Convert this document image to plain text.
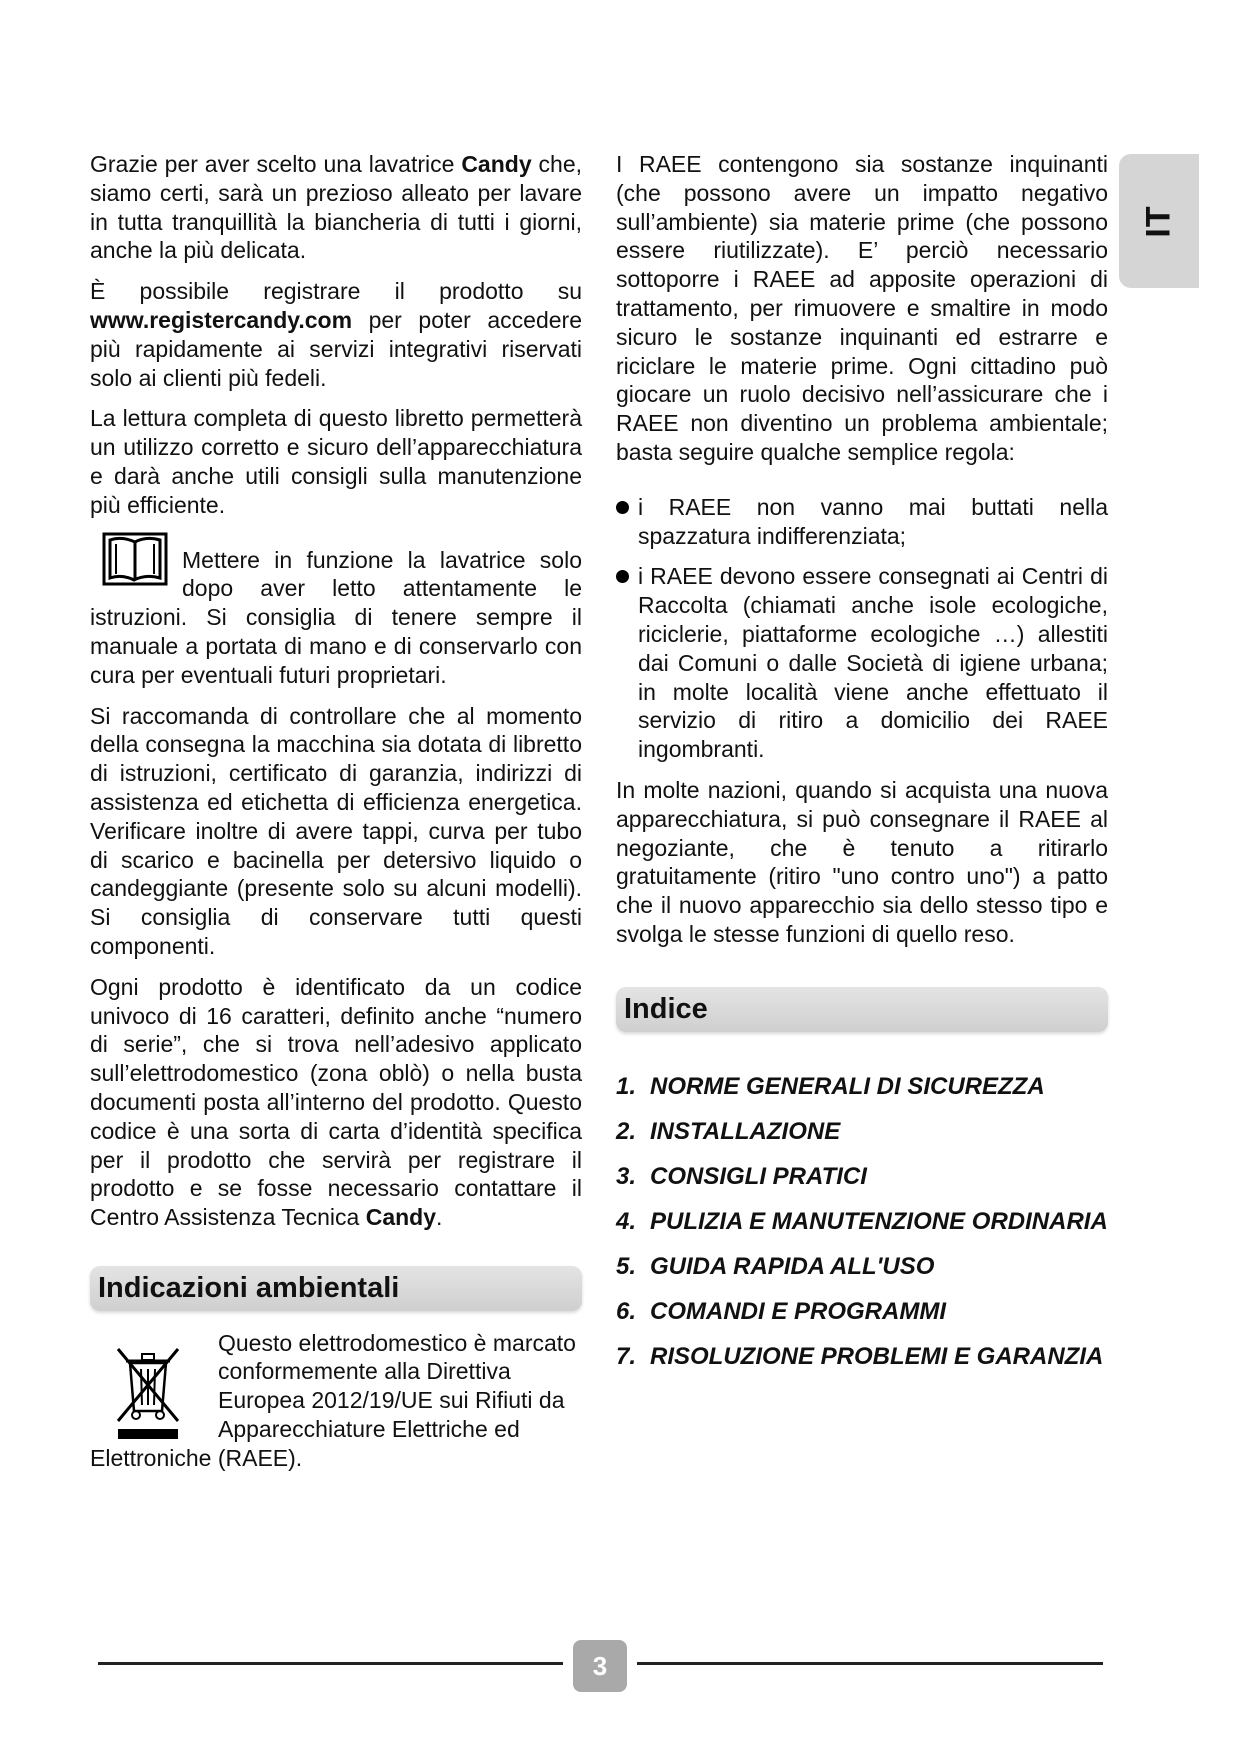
Grazie per aver scelto una lavatrice Candy che, siamo certi, sarà un prezioso alleato per lavare in tutta tranquillità la biancheria di tutti i giorni, anche la più delicata.

È possibile registrare il prodotto su www.registercandy.com per poter accedere più rapidamente ai servizi integrativi riservati solo ai clienti più fedeli.

La lettura completa di questo libretto permetterà un utilizzo corretto e sicuro dell’apparecchiatura e darà anche utili consigli sulla manutenzione più efficiente.

Mettere in funzione la lavatrice solo dopo aver letto attentamente le istruzioni. Si consiglia di tenere sempre il manuale a portata di mano e di conservarlo con cura per eventuali futuri proprietari.

Si raccomanda di controllare che al momento della consegna la macchina sia dotata di libretto di istruzioni, certificato di garanzia, indirizzi di assistenza ed etichetta di efficienza energetica. Verificare inoltre di avere tappi, curva per tubo di scarico e bacinella per detersivo liquido o candeggiante (presente solo su alcuni modelli). Si consiglia di conservare tutti questi componenti.

Ogni prodotto è identificato da un codice univoco di 16 caratteri, definito anche “numero di serie”, che si trova nell’adesivo applicato sull’elettrodomestico (zona oblò) o nella busta documenti posta all’interno del prodotto. Questo codice è una sorta di carta d’identità specifica per il prodotto che servirà per registrare il prodotto e se fosse necessario contattare il Centro Assistenza Tecnica Candy.

Indicazioni ambientali
Questo elettrodomestico è marcato conformemente alla Direttiva Europea 2012/19/UE sui Rifiuti da Apparecchiature Elettriche ed Elettroniche (RAEE).

I RAEE contengono sia sostanze inquinanti (che possono avere un impatto negativo sull’ambiente) sia materie prime (che possono essere riutilizzate). E’ perciò necessario sottoporre i RAEE ad apposite operazioni di trattamento, per rimuovere e smaltire in modo sicuro le sostanze inquinanti ed estrarre e riciclare le materie prime. Ogni cittadino può giocare un ruolo decisivo nell’assicurare che i RAEE non diventino un problema ambientale; basta seguire qualche semplice regola:

i RAEE non vanno mai buttati nella spazzatura indifferenziata;

i RAEE devono essere consegnati ai Centri di Raccolta (chiamati anche isole ecologiche, riciclerie, piattaforme ecologiche …) allestiti dai Comuni o dalle Società di igiene urbana; in molte località viene anche effettuato il servizio di ritiro a domicilio dei RAEE ingombranti.

In molte nazioni, quando si acquista una nuova apparecchiatura, si può consegnare il RAEE al negoziante, che è tenuto a ritirarlo gratuitamente (ritiro "uno contro uno") a patto che il nuovo apparecchio sia dello stesso tipo e svolga le stesse funzioni di quello reso.

Indice
1. NORME GENERALI DI SICUREZZA
2. INSTALLAZIONE
3. CONSIGLI PRATICI
4. PULIZIA E MANUTENZIONE ORDINARIA
5. GUIDA RAPIDA ALL'USO
6. COMANDI E PROGRAMMI
7. RISOLUZIONE PROBLEMI E GARANZIA
IT
3
